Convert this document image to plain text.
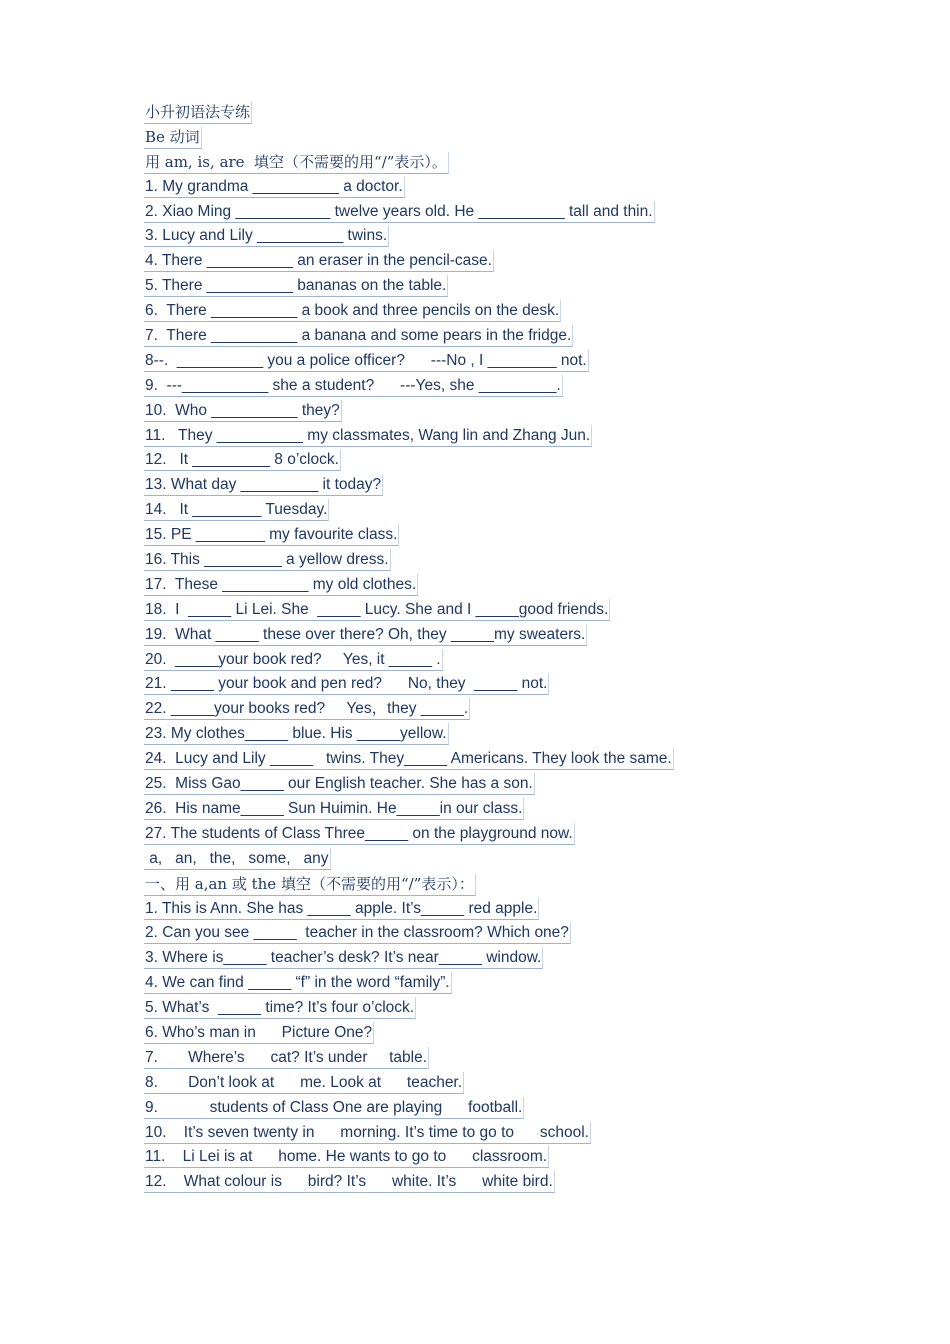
小升初语法专练
Be 动词
用 am, is, are  填空（不需要的用“/”表示）。
1. My grandma __________ a doctor.
2. Xiao Ming ___________ twelve years old. He __________ tall and thin.
3. Lucy and Lily __________ twins.
4. There __________ an eraser in the pencil-case.
5. There __________ bananas on the table.
6.  There __________ a book and three pencils on the desk.
7.  There __________ a banana and some pears in the fridge.
8--.  __________ you a police officer?      ---No , I ________ not.
9.  ---__________ she a student?      ---Yes, she _________.
10.  Who __________ they?
11.   They __________ my classmates, Wang lin and Zhang Jun.
12.   It _________ 8 o’clock.
13. What day _________ it today?
14.   It ________ Tuesday.
15. PE ________ my favourite class.
16. This _________ a yellow dress.
17.  These __________ my old clothes.
18.  I  _____ Li Lei. She  _____ Lucy. She and I _____good friends.
19.  What _____ these over there? Oh, they _____my sweaters.
20.  _____your book red?     Yes, it _____ .
21. _____ your book and pen red?      No, they  _____ not.
22. _____your books red?     Yes，they _____.
23. My clothes_____ blue. His _____yellow.
24.  Lucy and Lily _____   twins. They_____ Americans. They look the same.
25.  Miss Gao_____ our English teacher. She has a son.
26.  His name_____ Sun Huimin. He_____in our class.
27. The students of Class Three_____ on the playground now.
a,   an,   the,   some,   any
一、用 a,an 或 the 填空（不需要的用“/”表示）：
1. This is Ann. She has _____ apple. It’s_____ red apple.
2. Can you see _____  teacher in the classroom? Which one?
3. Where is_____ teacher’s desk? It’s near_____ window.
4. We can find _____ “f” in the word “family”.
5. What’s  _____ time? It’s four o’clock.
6. Who’s man in      Picture One?
7.       Where’s      cat? It’s under     table.
8.       Don’t look at      me. Look at      teacher.
9.            students of Class One are playing      football.
10.    It’s seven twenty in      morning. It’s time to go to      school.
11.    Li Lei is at      home. He wants to go to      classroom.
12.    What colour is      bird? It’s      white. It’s      white bird.
